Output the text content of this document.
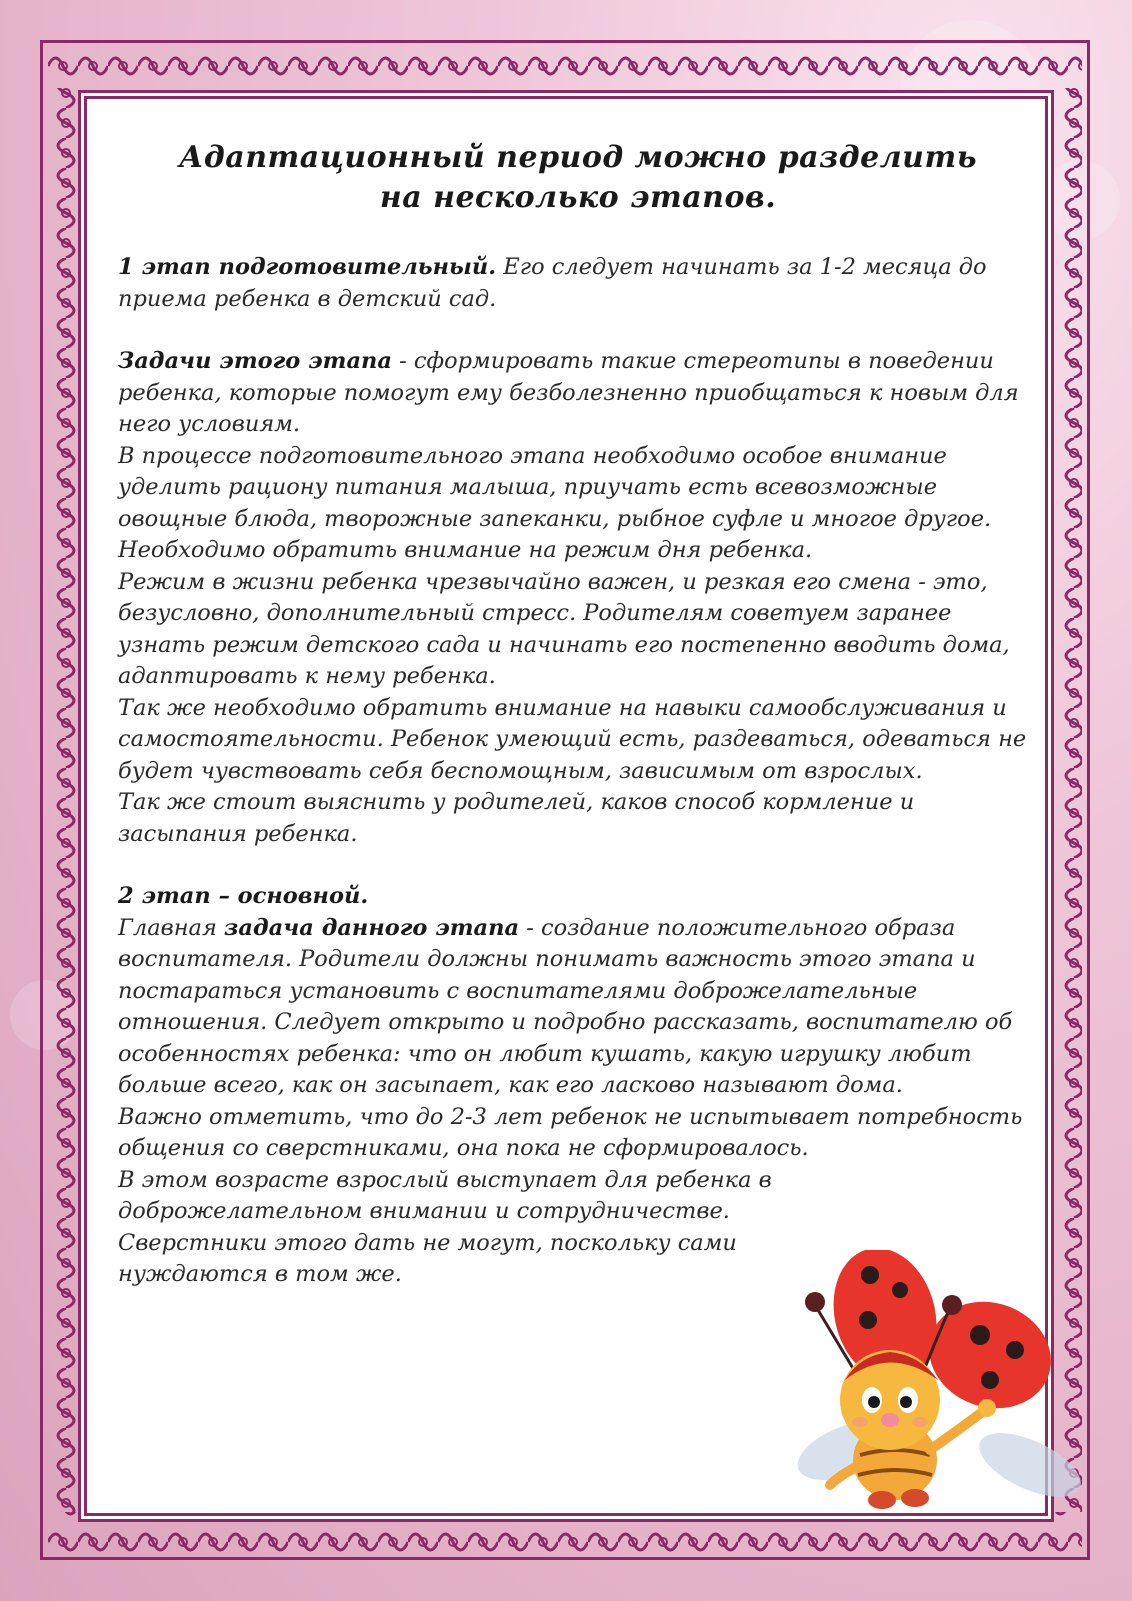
Адаптационный период можно разделить
на несколько этапов.

1 этап подготовительный. Его следует начинать за 1-2 месяца до приема ребенка в детский сад.

Задачи этого этапа - сформировать такие стереотипы в поведении ребенка, которые помогут ему безболезненно приобщаться к новым для него условиям.

В процессе подготовительного этапа необходимо особое внимание уделить рациону питания малыша, приучать есть всевозможные овощные блюда, творожные запеканки, рыбное суфле и многое другое.

Необходимо обратить внимание на режим дня ребенка.

Режим в жизни ребенка чрезвычайно важен, и резкая его смена - это, безусловно, дополнительный стресс. Родителям советуем заранее узнать режим детского сада и начинать его постепенно вводить дома, адаптировать к нему ребенка.

Так же необходимо обратить внимание на навыки самообслуживания и самостоятельности. Ребенок умеющий есть, раздеваться, одеваться не будет чувствовать себя беспомощным, зависимым от взрослых.

Так же стоит выяснить у родителей, каков способ кормление и засыпания ребенка.

2 этап – основной.

Главная задача данного этапа - создание положительного образа воспитателя. Родители должны понимать важность этого этапа и постараться установить с воспитателями доброжелательные отношения. Следует открыто и подробно рассказать, воспитателю об особенностях ребенка: что он любит кушать, какую игрушку любит больше всего, как он засыпает, как его ласково называют дома.

Важно отметить, что до 2-3 лет ребенок не испытывает потребность общения со сверстниками, она пока не сформировалось.

В этом возрасте взрослый выступает для ребенка в доброжелательном внимании и сотрудничестве.

Сверстники этого дать не могут, поскольку сами нуждаются в том же.
